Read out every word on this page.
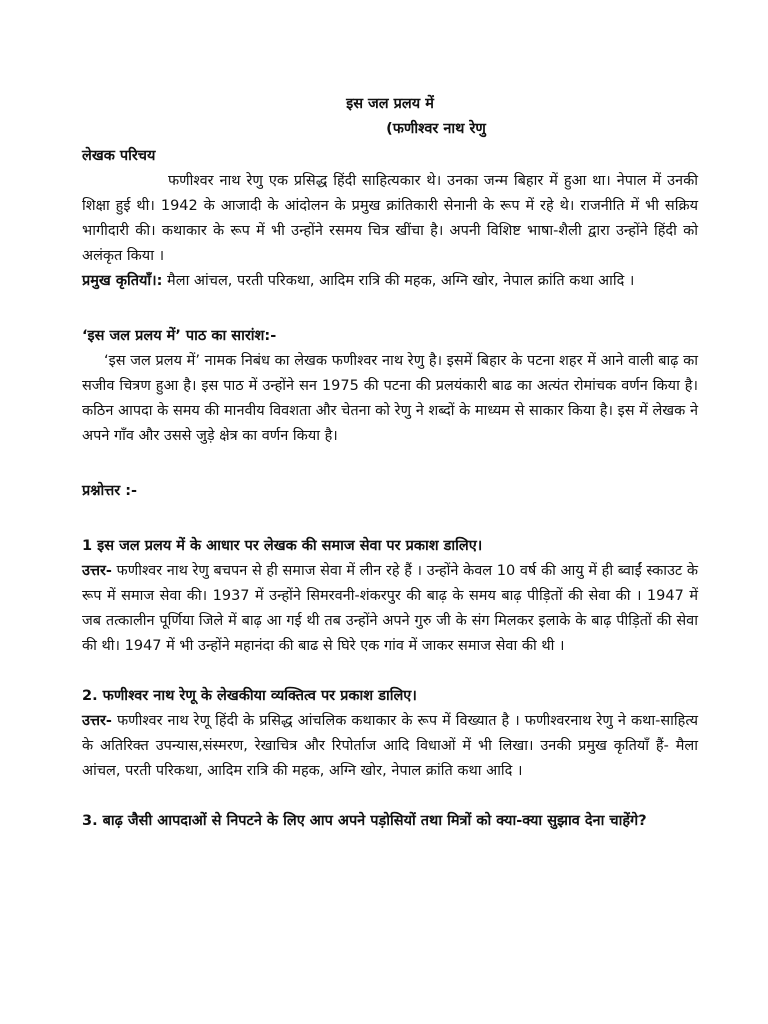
इस जल प्रलय में
(फणीश्वर नाथ रेणु
लेखक परिचय

फणीश्वर नाथ रेणु एक प्रसिद्ध हिंदी साहित्यकार थे। उनका जन्म बिहार में हुआ था। नेपाल में उनकी शिक्षा हुई थी। 1942 के आजादी के आंदोलन के प्रमुख क्रांतिकारी सेनानी के रूप में रहे थे। राजनीति में भी सक्रिय भागीदारी की। कथाकार के रूप में भी उन्होंने रसमय चित्र खींचा है। अपनी विशिष्ट भाषा-शैली द्वारा उन्होंने हिंदी को अलंकृत किया ।

प्रमुख कृतियाँ।: मैला आंचल, परती परिकथा, आदिम रात्रि की महक, अग्नि खोर, नेपाल क्रांति कथा आदि ।

‘इस जल प्रलय में’ पाठ का सारांश:-

‘इस जल प्रलय में’ नामक निबंध का लेखक फणीश्वर नाथ रेणु है। इसमें बिहार के पटना शहर में आने वाली बाढ़ का सजीव चित्रण हुआ है। इस पाठ में उन्होंने सन 1975 की पटना की प्रलयंकारी बाढ का अत्यंत रोमांचक वर्णन किया है। कठिन आपदा के समय की मानवीय विवशता और चेतना को रेणु ने शब्दों के माध्यम से साकार किया है। इस में लेखक ने अपने गाँव और उससे जुड़े क्षेत्र का वर्णन किया है।

प्रश्नोत्तर :-

1 इस जल प्रलय में के आधार पर लेखक की समाज सेवा पर प्रकाश डालिए।

उत्तर- फणीश्वर नाथ रेणु बचपन से ही समाज सेवा में लीन रहे हैं । उन्होंने केवल 10 वर्ष की आयु में ही ब्वाईं स्काउट के रूप में समाज सेवा की। 1937 में उन्होंने सिमरवनी-शंकरपुर की बाढ़ के समय बाढ़ पीड़ितों की सेवा की । 1947 में जब तत्कालीन पूर्णिया जिले में बाढ़ आ गई थी तब उन्होंने अपने गुरु जी के संग मिलकर इलाके के बाढ़ पीड़ितों की सेवा की थी। 1947 में भी उन्होंने महानंदा की बाढ से घिरे एक गांव में जाकर समाज सेवा की थी ।

2. फणीश्वर नाथ रेणू के लेखकीया व्यक्तित्व पर प्रकाश डालिए।

उत्तर- फणीश्वर नाथ रेणू हिंदी के प्रसिद्ध आंचलिक कथाकार के रूप में विख्यात है । फणीश्वरनाथ रेणु ने कथा-साहित्य के अतिरिक्त उपन्यास,संस्मरण, रेखाचित्र और रिपोर्ताज आदि विधाओं में भी लिखा। उनकी प्रमुख कृतियाँ हैं- मैला आंचल, परती परिकथा, आदिम रात्रि की महक, अग्नि खोर, नेपाल क्रांति कथा आदि ।

3. बाढ़ जैसी आपदाओं से निपटने के लिए आप अपने पड़ोसियों तथा मित्रों को क्या-क्या सुझाव देना चाहेंगे?
